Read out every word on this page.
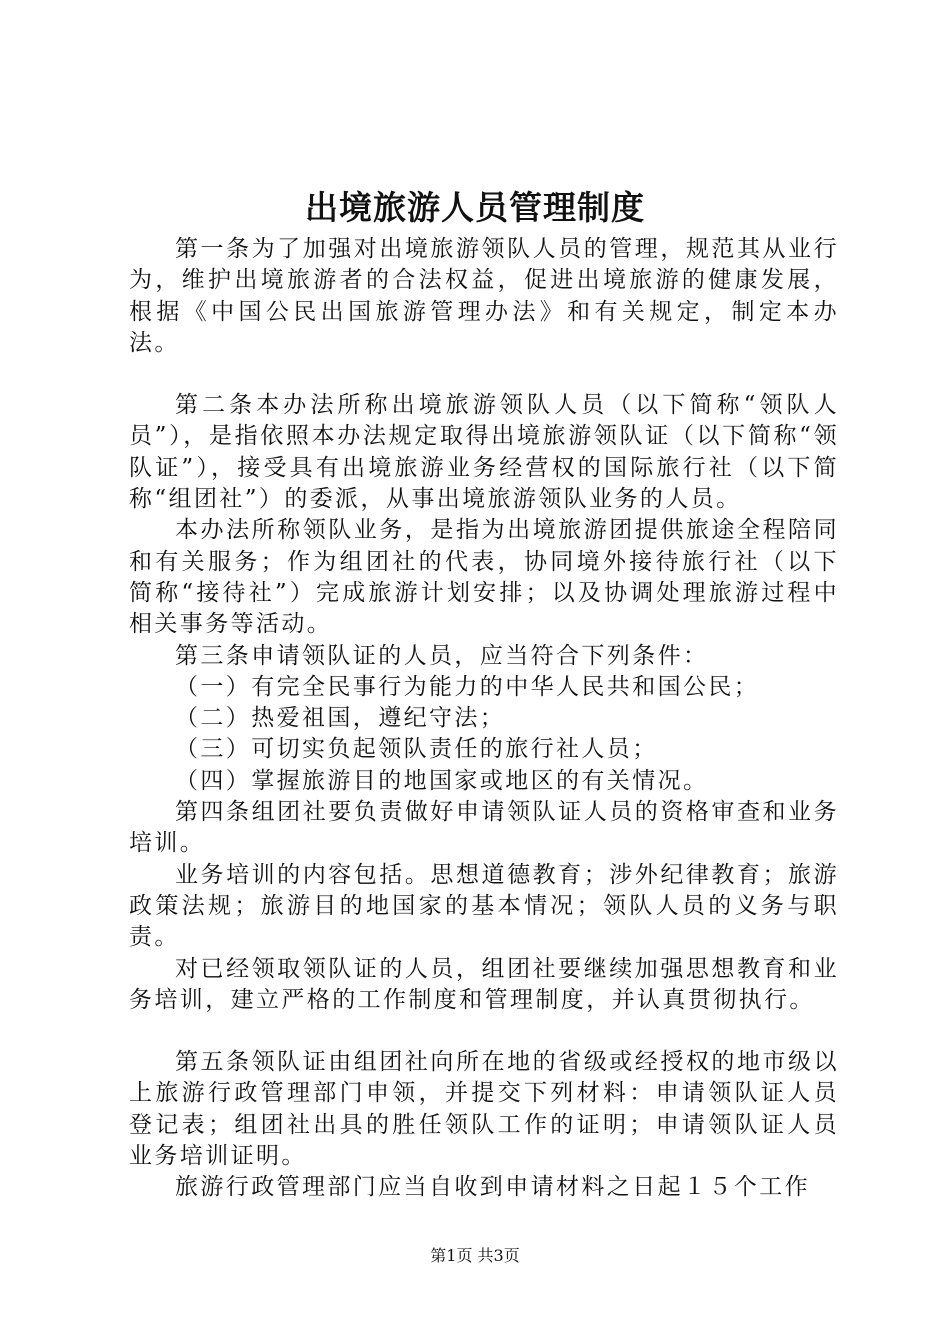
出境旅游人员管理制度

第一条为了加强对出境旅游领队人员的管理，规范其从业行为，维护出境旅游者的合法权益，促进出境旅游的健康发展，根据《中国公民出国旅游管理办法》和有关规定，制定本办法。

第二条本办法所称出境旅游领队人员（以下简称“领队人员”），是指依照本办法规定取得出境旅游领队证（以下简称“领队证”），接受具有出境旅游业务经营权的国际旅行社（以下简称“组团社”）的委派，从事出境旅游领队业务的人员。

本办法所称领队业务，是指为出境旅游团提供旅途全程陪同和有关服务；作为组团社的代表，协同境外接待旅行社（以下简称“接待社”）完成旅游计划安排；以及协调处理旅游过程中相关事务等活动。

第三条申请领队证的人员，应当符合下列条件：

（一）有完全民事行为能力的中华人民共和国公民；

（二）热爱祖国，遵纪守法；

（三）可切实负起领队责任的旅行社人员；

（四）掌握旅游目的地国家或地区的有关情况。

第四条组团社要负责做好申请领队证人员的资格审查和业务培训。

业务培训的内容包括。思想道德教育；涉外纪律教育；旅游政策法规；旅游目的地国家的基本情况；领队人员的义务与职责。

对已经领取领队证的人员，组团社要继续加强思想教育和业务培训，建立严格的工作制度和管理制度，并认真贯彻执行。

第五条领队证由组团社向所在地的省级或经授权的地市级以上旅游行政管理部门申领，并提交下列材料：申请领队证人员登记表；组团社出具的胜任领队工作的证明；申请领队证人员业务培训证明。

旅游行政管理部门应当自收到申请材料之日起１５个工作

第1页 共3页
